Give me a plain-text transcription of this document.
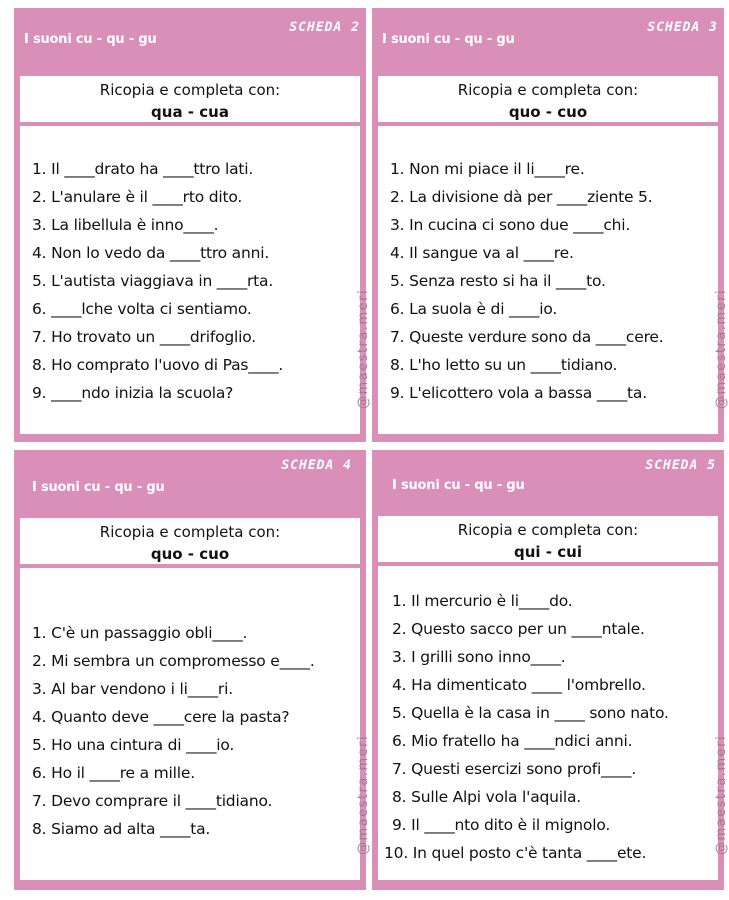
I suoni cu - qu - gu
SCHEDA 2
Ricopia e completa con:
qua - cua
1. Il ____drato ha ____ttro lati.
2. L'anulare è il ____rto dito.
3. La libellula è inno____.
4. Non lo vedo da ____ttro anni.
5. L'autista viaggiava in ____rta.
6. ____lche volta ci sentiamo.
7. Ho trovato un ____drifoglio.
8. Ho comprato l'uovo di Pas____.
9. ____ndo inizia la scuola?	@maestra.meri
I suoni cu - qu - gu
SCHEDA 3
Ricopia e completa con:
quo - cuo
1. Non mi piace il li____re.
2. La divisione dà per ____ziente 5.
3. In cucina ci sono due ____chi.
4. Il sangue va al ____re.
5. Senza resto si ha il ____to.
6. La suola è di ____io.
7. Queste verdure sono da ____cere.
8. L'ho letto su un ____tidiano.
9. L'elicottero vola a bassa ____ta.	@maestra.meri
I suoni cu - qu - gu
SCHEDA 4
Ricopia e completa con:
quo - cuo
1. C'è un passaggio obli____.
2. Mi sembra un compromesso e____.
3. Al bar vendono i li____ri.
4. Quanto deve ____cere la pasta?
5. Ho una cintura di ____io.
6. Ho il ____re a mille.
7. Devo comprare il ____tidiano.
8. Siamo ad alta ____ta.	@maestra.meri
I suoni cu - qu - gu
SCHEDA 5
Ricopia e completa con:
qui - cui
1. Il mercurio è li____do.
2. Questo sacco per un ____ntale.
3. I grilli sono inno____.
4. Ha dimenticato ____ l'ombrello.
5. Quella è la casa in ____ sono nato.
6. Mio fratello ha ____ndici anni.
7. Questi esercizi sono profi____.
8. Sulle Alpi vola l'aquila.
9. Il ____nto dito è il mignolo.
10. In quel posto c'è tanta ____ete.	@maestra.meri
